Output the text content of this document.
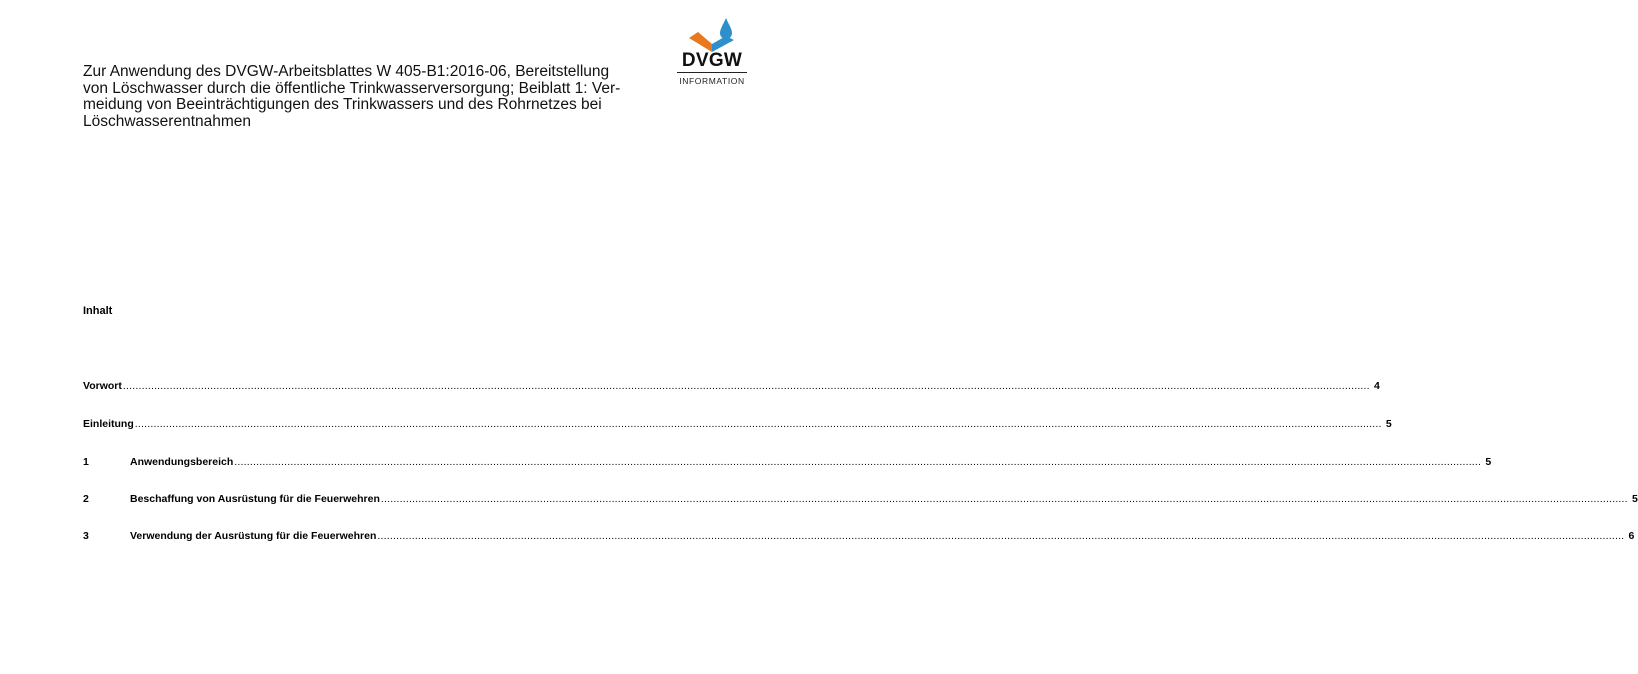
DVGW
INFORMATION
Zur Anwendung des DVGW-Arbeitsblattes W 405-B1:2016-06, Bereitstellung
von Löschwasser durch die öffentliche Trinkwasserversorgung; Beiblatt 1: Ver-
meidung von Beeinträchtigungen des Trinkwassers und des Rohrnetzes bei
Löschwasserentnahmen
Inhalt
Vorwort ................................................................................................................................................................................................................................................................................................................................................................................................................ 4
Einleitung ................................................................................................................................................................................................................................................................................................................................................................................................................ 5
1	Anwendungsbereich ................................................................................................................................................................................................................................................................................................................................................................................................................ 5
2	Beschaffung von Ausrüstung für die Feuerwehren ................................................................................................................................................................................................................................................................................................................................................................................................................ 5
3	Verwendung der Ausrüstung für die Feuerwehren ................................................................................................................................................................................................................................................................................................................................................................................................................ 6
